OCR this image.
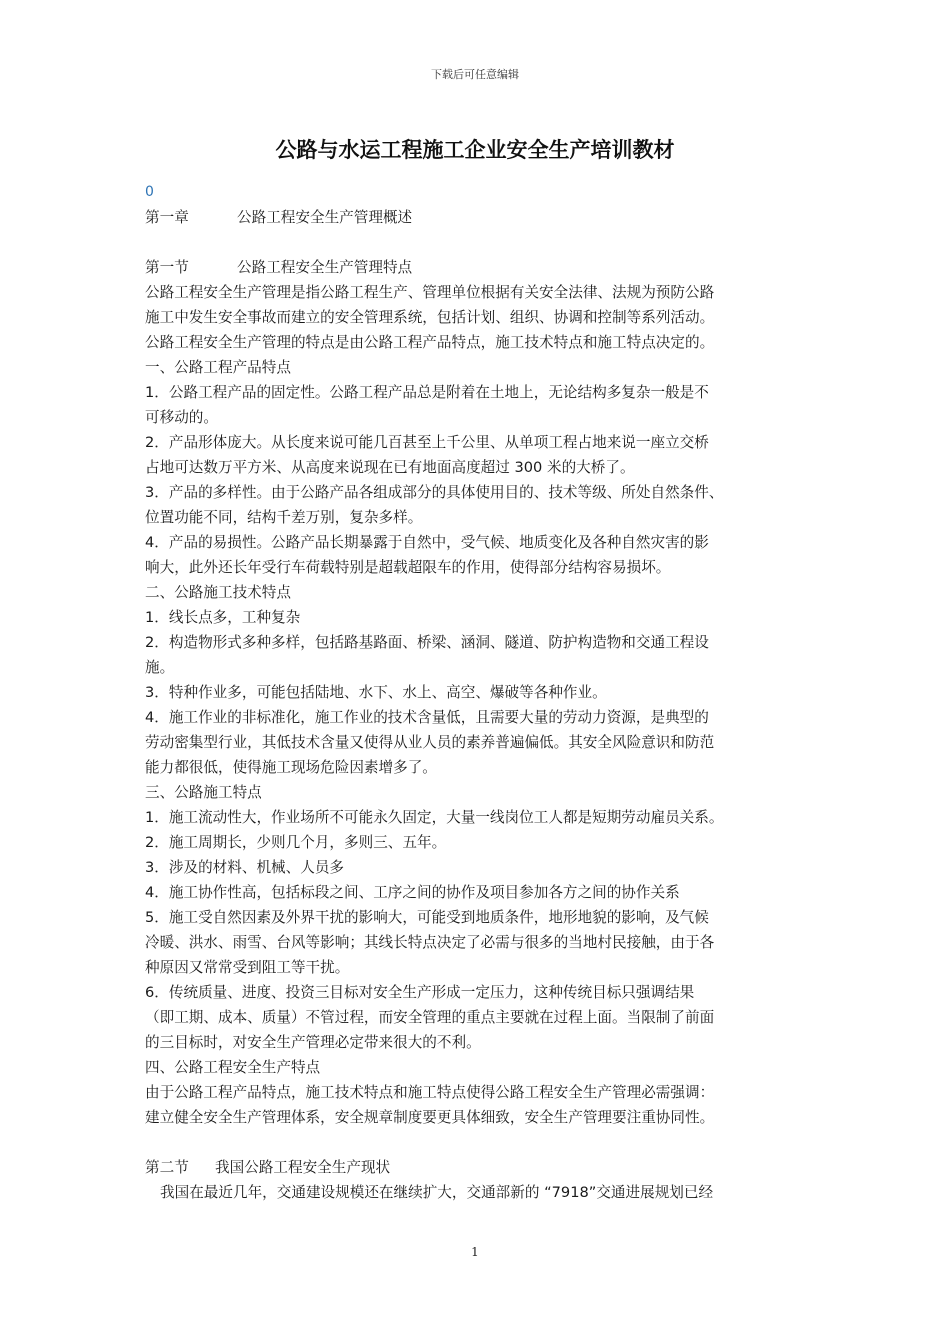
下载后可任意编辑
公路与水运工程施工企业安全生产培训教材
0
第一章	公路工程安全生产管理概述
第一节	公路工程安全生产管理特点
公路工程安全生产管理是指公路工程生产、管理单位根据有关安全法律、法规为预防公路
施工中发生安全事故而建立的安全管理系统，包括计划、组织、协调和控制等系列活动。
公路工程安全生产管理的特点是由公路工程产品特点，施工技术特点和施工特点决定的。
一、公路工程产品特点
1．公路工程产品的固定性。公路工程产品总是附着在土地上，无论结构多复杂一般是不
可移动的。
2．产品形体庞大。从长度来说可能几百甚至上千公里、从单项工程占地来说一座立交桥
占地可达数万平方米、从高度来说现在已有地面高度超过 300 米的大桥了。
3．产品的多样性。由于公路产品各组成部分的具体使用目的、技术等级、所处自然条件、
位置功能不同，结构千差万别，复杂多样。
4．产品的易损性。公路产品长期暴露于自然中，受气候、地质变化及各种自然灾害的影
响大，此外还长年受行车荷载特别是超载超限车的作用，使得部分结构容易损坏。
二、公路施工技术特点
1．线长点多，工种复杂
2．构造物形式多种多样，包括路基路面、桥梁、涵洞、隧道、防护构造物和交通工程设
施。
3．特种作业多，可能包括陆地、水下、水上、高空、爆破等各种作业。
4．施工作业的非标准化，施工作业的技术含量低，且需要大量的劳动力资源，是典型的
劳动密集型行业，其低技术含量又使得从业人员的素养普遍偏低。其安全风险意识和防范
能力都很低，使得施工现场危险因素增多了。
三、公路施工特点
1．施工流动性大，作业场所不可能永久固定，大量一线岗位工人都是短期劳动雇员关系。
2．施工周期长，少则几个月，多则三、五年。
3．涉及的材料、机械、人员多
4．施工协作性高，包括标段之间、工序之间的协作及项目参加各方之间的协作关系
5．施工受自然因素及外界干扰的影响大，可能受到地质条件，地形地貌的影响，及气候
冷暖、洪水、雨雪、台风等影响；其线长特点决定了必需与很多的当地村民接触，由于各
种原因又常常受到阻工等干扰。
6．传统质量、进度、投资三目标对安全生产形成一定压力，这种传统目标只强调结果
（即工期、成本、质量）不管过程，而安全管理的重点主要就在过程上面。当限制了前面
的三目标时，对安全生产管理必定带来很大的不利。
四、公路工程安全生产特点
由于公路工程产品特点，施工技术特点和施工特点使得公路工程安全生产管理必需强调：
建立健全安全生产管理体系，安全规章制度要更具体细致，安全生产管理要注重协同性。
第二节 我国公路工程安全生产现状
我国在最近几年，交通建设规模还在继续扩大，交通部新的 “7918”交通进展规划已经
1
